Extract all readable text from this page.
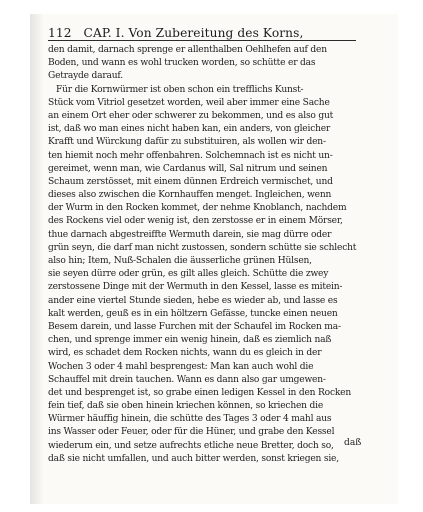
112 CAP. I. Von Zubereitung des Korns,
den damit, darnach sprenge er allenthalben Oehlhefen auf den
Boden, und wann es wohl trucken worden, so schütte er das
Getrayde darauf.
Für die Kornwürmer ist oben schon ein trefflichs Kunst-
Stück vom Vitriol gesetzet worden, weil aber immer eine Sache
an einem Ort eher oder schwerer zu bekommen, und es also gut
ist, daß wo man eines nicht haben kan, ein anders, von gleicher
Krafft und Würckung dafür zu substituiren, als wollen wir den-
ten hiemit noch mehr offenbahren. Solchemnach ist es nicht un-
gereimet, wenn man, wie Cardanus will, Sal nitrum und seinen
Schaum zerstösset, mit einem dünnen Erdreich vermischet, und
dieses also zwischen die Kornhauffen menget. Ingleichen, wenn
der Wurm in den Rocken kommet, der nehme Knoblanch, nachdem
des Rockens viel oder wenig ist, den zerstosse er in einem Mörser,
thue darnach abgestreiffte Wermuth darein, sie mag dürre oder
grün seyn, die darf man nicht zustossen, sondern schütte sie schlecht
also hin; Item, Nuß-Schalen die äusserliche grünen Hülsen,
sie seyen dürre oder grün, es gilt alles gleich. Schütte die zwey
zerstossene Dinge mit der Wermuth in den Kessel, lasse es mitein-
ander eine viertel Stunde sieden, hebe es wieder ab, und lasse es
kalt werden, geuß es in ein höltzern Gefässe, tuncke einen neuen
Besem darein, und lasse Furchen mit der Schaufel im Rocken ma-
chen, und sprenge immer ein wenig hinein, daß es ziemlich naß
wird, es schadet dem Rocken nichts, wann du es gleich in der
Wochen 3 oder 4 mahl besprengest: Man kan auch wohl die
Schauffel mit drein tauchen. Wann es dann also gar umgewen-
det und besprenget ist, so grabe einen ledigen Kessel in den Rocken
fein tief, daß sie oben hinein kriechen können, so kriechen die
Würmer häuffig hinein, die schütte des Tages 3 oder 4 mahl aus
ins Wasser oder Feuer, oder für die Hüner, und grabe den Kessel
wiederum ein, und setze aufrechts etliche neue Bretter, doch so,
daß sie nicht umfallen, und auch bitter werden, sonst kriegen sie,
daß
